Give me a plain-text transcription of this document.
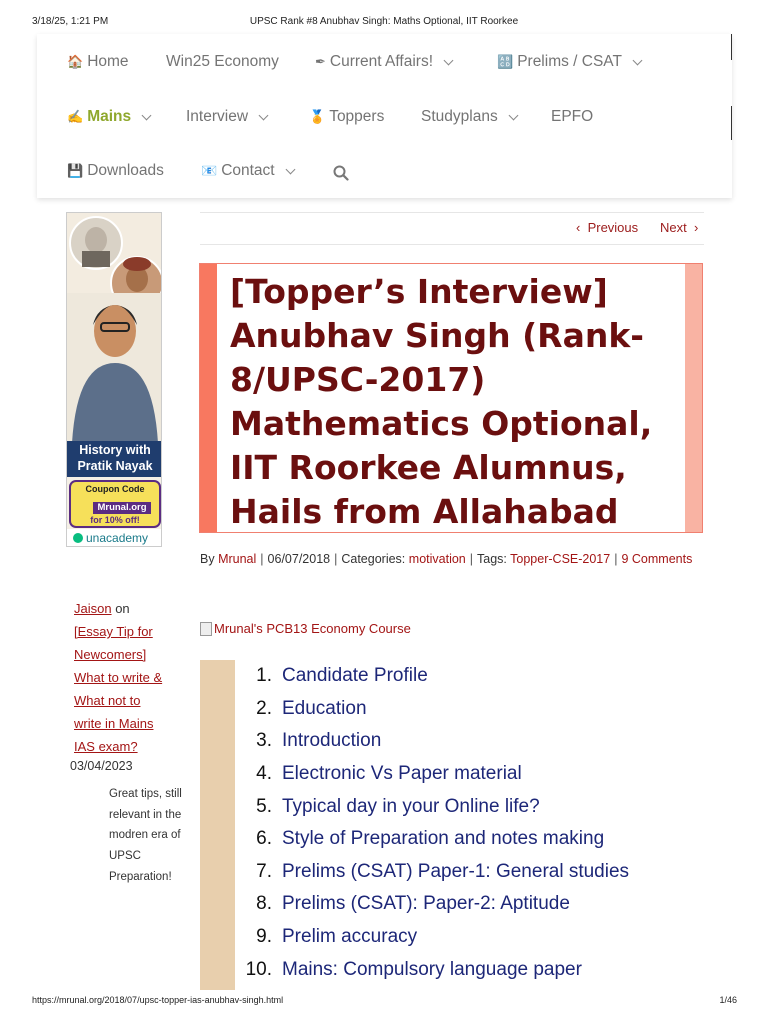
3/18/25, 1:21 PM	UPSC Rank #8 Anubhav Singh: Maths Optional, IIT Roorkee
🏠 Home Win25 Economy	✒ Current Affairs!	🔠 Prelims / CSAT
✍ Mains	Interview	🏅 Toppers Studyplans	EPFO
💾 Downloads	📧 Contact
‹  Previous Next  ›
[Topper’s Interview] Anubhav Singh (Rank-8/UPSC-2017) Mathematics Optional, IIT Roorkee Alumnus, Hails from Allahabad
By Mrunal | 06/07/2018 | Categories: motivation | Tags: Topper-CSE-2017 | 9 Comments
Mrunal's PCB13 Economy Course
1. Candidate Profile
2. Education
3. Introduction
4. Electronic Vs Paper material
5. Typical day in your Online life?
6. Style of Preparation and notes making
7. Prelims (CSAT) Paper-1: General studies
8. Prelims (CSAT): Paper-2: Aptitude
9. Prelim accuracy
10. Mains: Compulsory language paper
History with
Pratik Nayak
Coupon Code
Mrunal.org
for 10% off!
unacademy
Jaison on
[Essay Tip for Newcomers] What to write & What not to write in Mains IAS exam?
03/04/2023
Great tips, still relevant in the modren era of UPSC Preparation!
https://mrunal.org/2018/07/upsc-topper-ias-anubhav-singh.html	1/46
